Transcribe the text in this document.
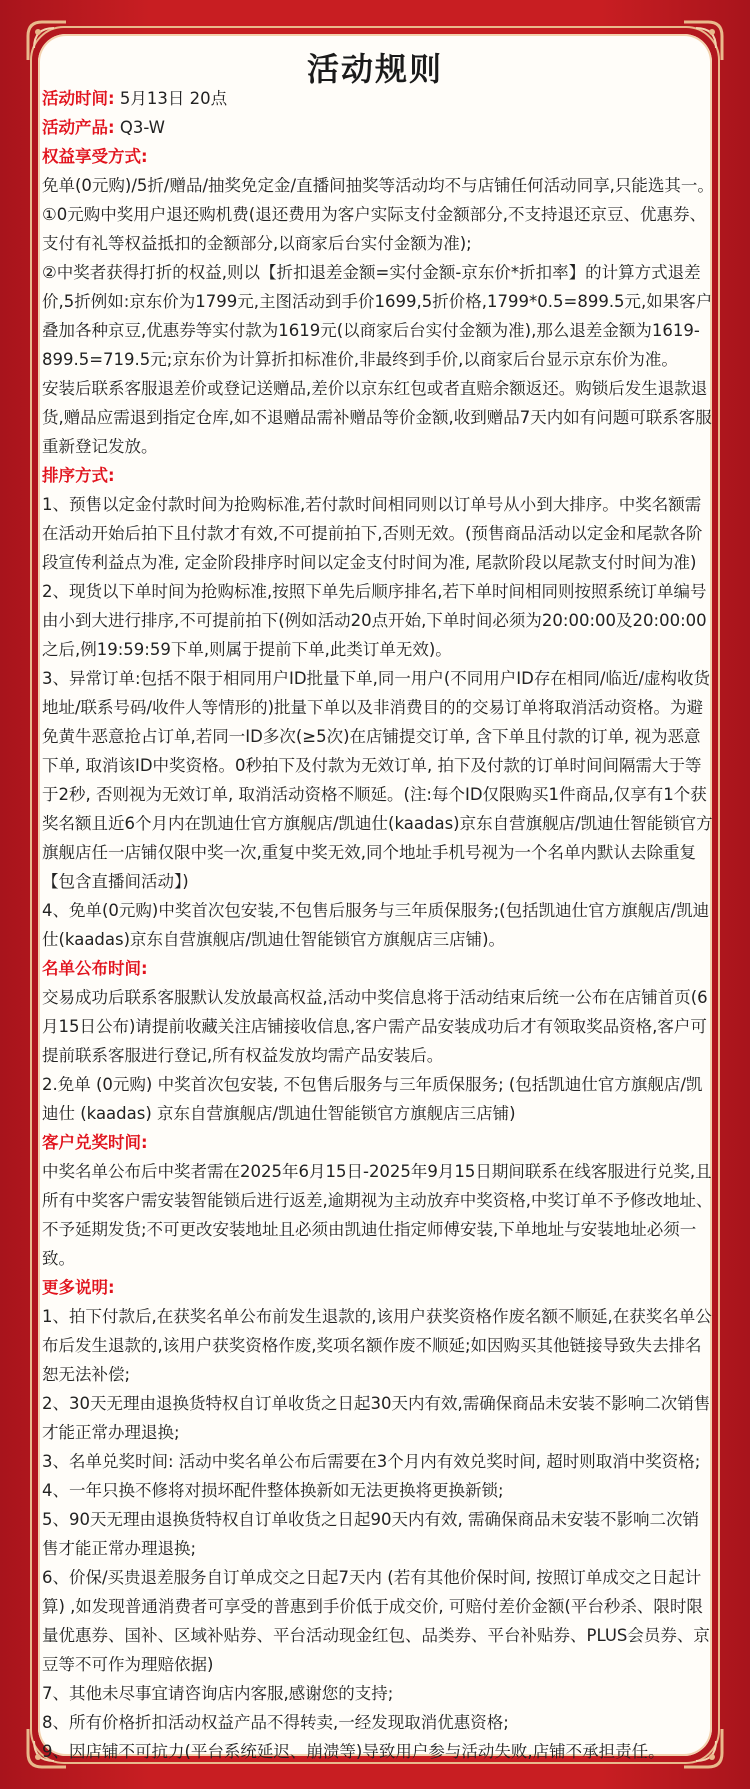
活动规则

活动时间: 5月13日 20点

活动产品: Q3-W

权益享受方式:

免单(0元购)/5折/赠品/抽奖免定金/直播间抽奖等活动均不与店铺任何活动同享,只能选其一。

①0元购中奖用户退还购机费(退还费用为客户实际支付金额部分,不支持退还京豆、优惠券、支付有礼等权益抵扣的金额部分,以商家后台实付金额为准);

②中奖者获得打折的权益,则以【折扣退差金额=实付金额-京东价*折扣率】的计算方式退差价,5折例如:京东价为1799元,主图活动到手价1699,5折价格,1799*0.5=899.5元,如果客户叠加各种京豆,优惠券等实付款为1619元(以商家后台实付金额为准),那么退差金额为1619-899.5=719.5元;京东价为计算折扣标准价,非最终到手价,以商家后台显示京东价为准。

安装后联系客服退差价或登记送赠品,差价以京东红包或者直赔余额返还。购锁后发生退款退货,赠品应需退到指定仓库,如不退赠品需补赠品等价金额,收到赠品7天内如有问题可联系客服重新登记发放。

排序方式:

1、预售以定金付款时间为抢购标准,若付款时间相同则以订单号从小到大排序。中奖名额需在活动开始后拍下且付款才有效,不可提前拍下,否则无效。(预售商品活动以定金和尾款各阶段宣传利益点为准, 定金阶段排序时间以定金支付时间为准, 尾款阶段以尾款支付时间为准)

2、现货以下单时间为抢购标准,按照下单先后顺序排名,若下单时间相同则按照系统订单编号由小到大进行排序,不可提前拍下(例如活动20点开始,下单时间必须为20:00:00及20:00:00之后,例19:59:59下单,则属于提前下单,此类订单无效)。

3、异常订单:包括不限于相同用户ID批量下单,同一用户(不同用户ID存在相同/临近/虚构收货地址/联系号码/收件人等情形的)批量下单以及非消费目的的交易订单将取消活动资格。为避免黄牛恶意抢占订单,若同一ID多次(≥5次)在店铺提交订单, 含下单且付款的订单, 视为恶意下单, 取消该ID中奖资格。0秒拍下及付款为无效订单, 拍下及付款的订单时间间隔需大于等于2秒, 否则视为无效订单, 取消活动资格不顺延。(注:每个ID仅限购买1件商品,仅享有1个获奖名额且近6个月内在凯迪仕官方旗舰店/凯迪仕(kaadas)京东自营旗舰店/凯迪仕智能锁官方旗舰店任一店铺仅限中奖一次,重复中奖无效,同个地址手机号视为一个名单内默认去除重复【包含直播间活动】)

4、免单(0元购)中奖首次包安装,不包售后服务与三年质保服务;(包括凯迪仕官方旗舰店/凯迪仕(kaadas)京东自营旗舰店/凯迪仕智能锁官方旗舰店三店铺)。

名单公布时间:

交易成功后联系客服默认发放最高权益,活动中奖信息将于活动结束后统一公布在店铺首页(6月15日公布)请提前收藏关注店铺接收信息,客户需产品安装成功后才有领取奖品资格,客户可提前联系客服进行登记,所有权益发放均需产品安装后。

2.免单 (0元购) 中奖首次包安装, 不包售后服务与三年质保服务; (包括凯迪仕官方旗舰店/凯迪仕 (kaadas) 京东自营旗舰店/凯迪仕智能锁官方旗舰店三店铺)

客户兑奖时间:

中奖名单公布后中奖者需在2025年6月15日-2025年9月15日期间联系在线客服进行兑奖,且所有中奖客户需安装智能锁后进行返差,逾期视为主动放弃中奖资格,中奖订单不予修改地址、不予延期发货;不可更改安装地址且必须由凯迪仕指定师傅安装,下单地址与安装地址必须一致。

更多说明:

1、拍下付款后,在获奖名单公布前发生退款的,该用户获奖资格作废名额不顺延,在获奖名单公布后发生退款的,该用户获奖资格作废,奖项名额作废不顺延;如因购买其他链接导致失去排名恕无法补偿;

2、30天无理由退换货特权自订单收货之日起30天内有效,需确保商品未安装不影响二次销售才能正常办理退换;

3、名单兑奖时间: 活动中奖名单公布后需要在3个月内有效兑奖时间, 超时则取消中奖资格;

4、一年只换不修将对损坏配件整体换新如无法更换将更换新锁;

5、90天无理由退换货特权自订单收货之日起90天内有效, 需确保商品未安装不影响二次销售才能正常办理退换;

6、价保/买贵退差服务自订单成交之日起7天内 (若有其他价保时间, 按照订单成交之日起计算) ,如发现普通消费者可享受的普惠到手价低于成交价, 可赔付差价金额(平台秒杀、限时限量优惠券、国补、区域补贴券、平台活动现金红包、品类券、平台补贴券、PLUS会员券、京豆等不可作为理赔依据)

7、其他未尽事宜请咨询店内客服,感谢您的支持;

8、所有价格折扣活动权益产品不得转卖,一经发现取消优惠资格;

9、因店铺不可抗力(平台系统延迟、崩溃等)导致用户参与活动失败,店铺不承担责任。
